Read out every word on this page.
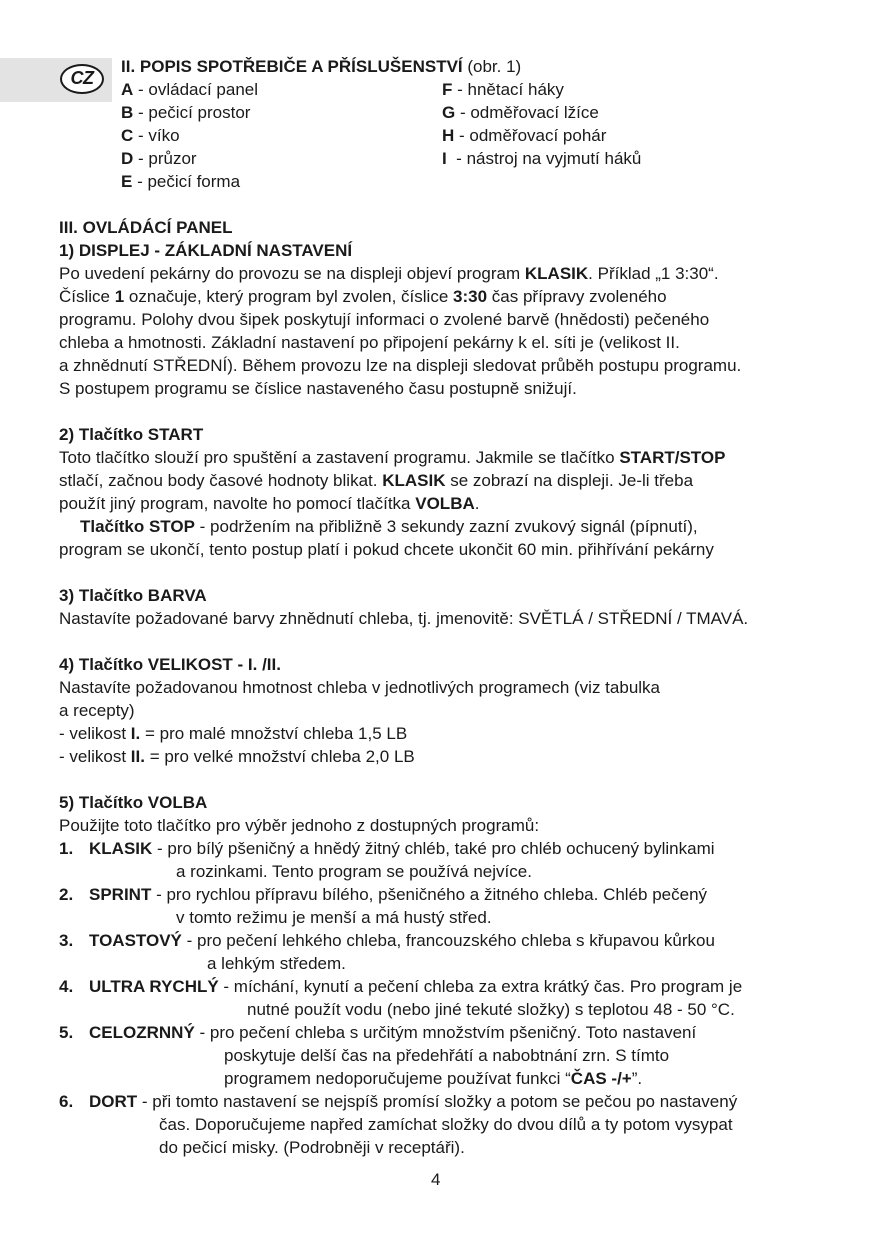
CZ
II. POPIS SPOTŘEBIČE A PŘÍSLUŠENSTVÍ (obr. 1)
A - ovládací panel
B - pečicí prostor
C - víko
D - průzor
E - pečicí forma
F - hnětací háky
G - odměřovací lžíce
H - odměřovací pohár
I  - nástroj na vyjmutí háků
III. OVLÁDÁCÍ PANEL
1) DISPLEJ - ZÁKLADNÍ NASTAVENÍ
Po uvedení pekárny do provozu se na displeji objeví program KLASIK. Příklad „1 3:30“.
Číslice 1 označuje, který program byl zvolen, číslice 3:30 čas přípravy zvoleného
programu. Polohy dvou šipek poskytují informaci o zvolené barvě (hnědosti) pečeného
chleba a hmotnosti. Základní nastavení po připojení pekárny k el. síti je (velikost II.
a zhnědnutí STŘEDNÍ). Během provozu lze na displeji sledovat průběh postupu programu.
S postupem programu se číslice nastaveného času postupně snižují.
2) Tlačítko START
Toto tlačítko slouží pro spuštění a zastavení programu. Jakmile se tlačítko START/STOP
stlačí, začnou body časové hodnoty blikat. KLASIK se zobrazí na displeji. Je-li třeba
použít jiný program, navolte ho pomocí tlačítka VOLBA.
Tlačítko STOP - podržením na přibližně 3 sekundy zazní zvukový signál (pípnutí),
program se ukončí, tento postup platí i pokud chcete ukončit 60 min. přihřívání pekárny
3) Tlačítko BARVA
Nastavíte požadované barvy zhnědnutí chleba, tj. jmenovitě: SVĚTLÁ / STŘEDNÍ / TMAVÁ.
4) Tlačítko VELIKOST - I. /II.
Nastavíte požadovanou hmotnost chleba v jednotlivých programech (viz tabulka
a recepty)
- velikost I. = pro malé množství chleba 1,5 LB
- velikost II. = pro velké množství chleba 2,0 LB
5) Tlačítko VOLBA
Použijte toto tlačítko pro výběr jednoho z dostupných programů:
1. KLASIK - pro bílý pšeničný a hnědý žitný chléb, také pro chléb ochucený bylinkami
a rozinkami. Tento program se používá nejvíce.
2. SPRINT - pro rychlou přípravu bílého, pšeničného a žitného chleba. Chléb pečený
v tomto režimu je menší a má hustý střed.
3. TOASTOVÝ - pro pečení lehkého chleba, francouzského chleba s křupavou kůrkou
a lehkým středem.
4. ULTRA RYCHLÝ - míchání, kynutí a pečení chleba za extra krátký čas. Pro program je
nutné použít vodu (nebo jiné tekuté složky) s teplotou 48 - 50 °C.
5. CELOZRNNÝ - pro pečení chleba s určitým množstvím pšeničný. Toto nastavení
poskytuje delší čas na předehřátí a nabobtnání zrn. S tímto
programem nedoporučujeme používat funkci “ČAS -/+”.
6. DORT - při tomto nastavení se nejspíš promísí složky a potom se pečou po nastavený
čas. Doporučujeme napřed zamíchat složky do dvou dílů a ty potom vysypat
do pečicí misky. (Podrobněji v receptáři).
4
